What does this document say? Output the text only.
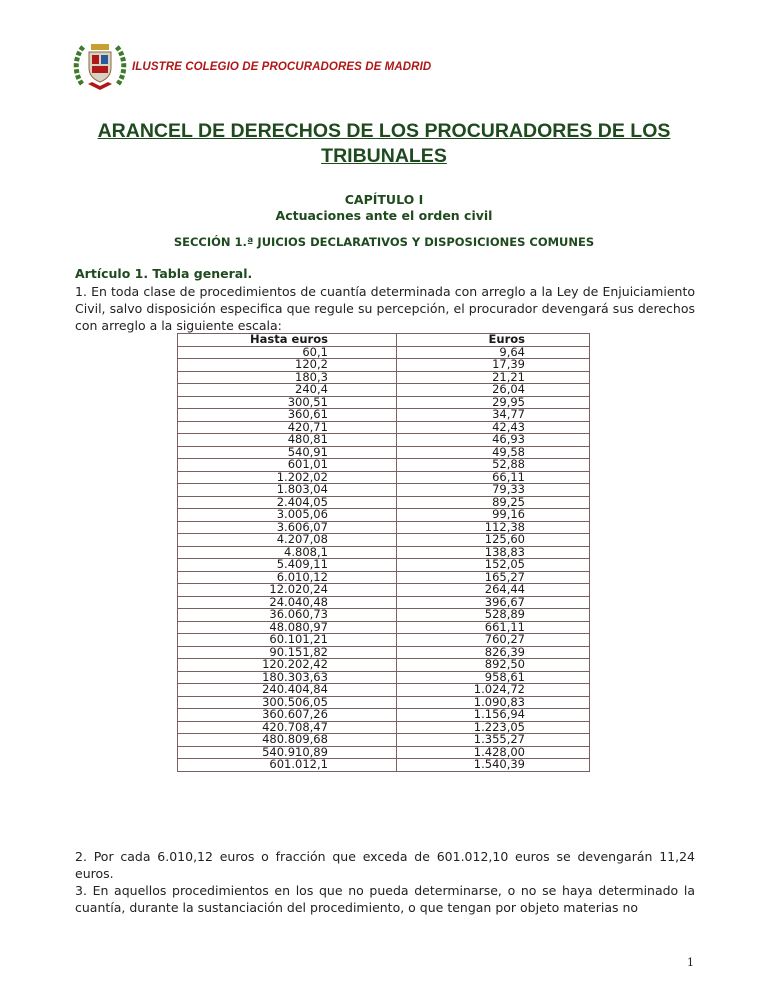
ILUSTRE COLEGIO DE PROCURADORES DE MADRID
ARANCEL DE DERECHOS DE LOS PROCURADORES DE LOS TRIBUNALES
CAPÍTULO I
Actuaciones ante el orden civil
SECCIÓN 1.ª JUICIOS DECLARATIVOS Y DISPOSICIONES COMUNES
Artículo 1. Tabla general.
1. En toda clase de procedimientos de cuantía determinada con arreglo a la Ley de Enjuiciamiento Civil, salvo disposición especifica que regule su percepción, el procurador devengará sus derechos con arreglo a la siguiente escala:
Hasta euros	Euros
60,1	9,64
120,2	17,39
180,3	21,21
240,4	26,04
300,51	29,95
360,61	34,77
420,71	42,43
480,81	46,93
540,91	49,58
601,01	52,88
1.202,02	66,11
1.803,04	79,33
2.404,05	89,25
3.005,06	99,16
3.606,07	112,38
4.207,08	125,60
4.808,1	138,83
5.409,11	152,05
6.010,12	165,27
12.020,24	264,44
24.040,48	396,67
36.060,73	528,89
48.080,97	661,11
60.101,21	760,27
90.151,82	826,39
120.202,42	892,50
180.303,63	958,61
240.404,84	1.024,72
300.506,05	1.090,83
360.607,26	1.156,94
420.708,47	1.223,05
480.809,68	1.355,27
540.910,89	1.428,00
601.012,1	1.540,39
2. Por cada 6.010,12 euros o fracción que exceda de 601.012,10 euros se devengarán 11,24 euros.
3. En aquellos procedimientos en los que no pueda determinarse, o no se haya determinado la cuantía, durante la sustanciación del procedimiento, o que tengan por objeto materias no
1
